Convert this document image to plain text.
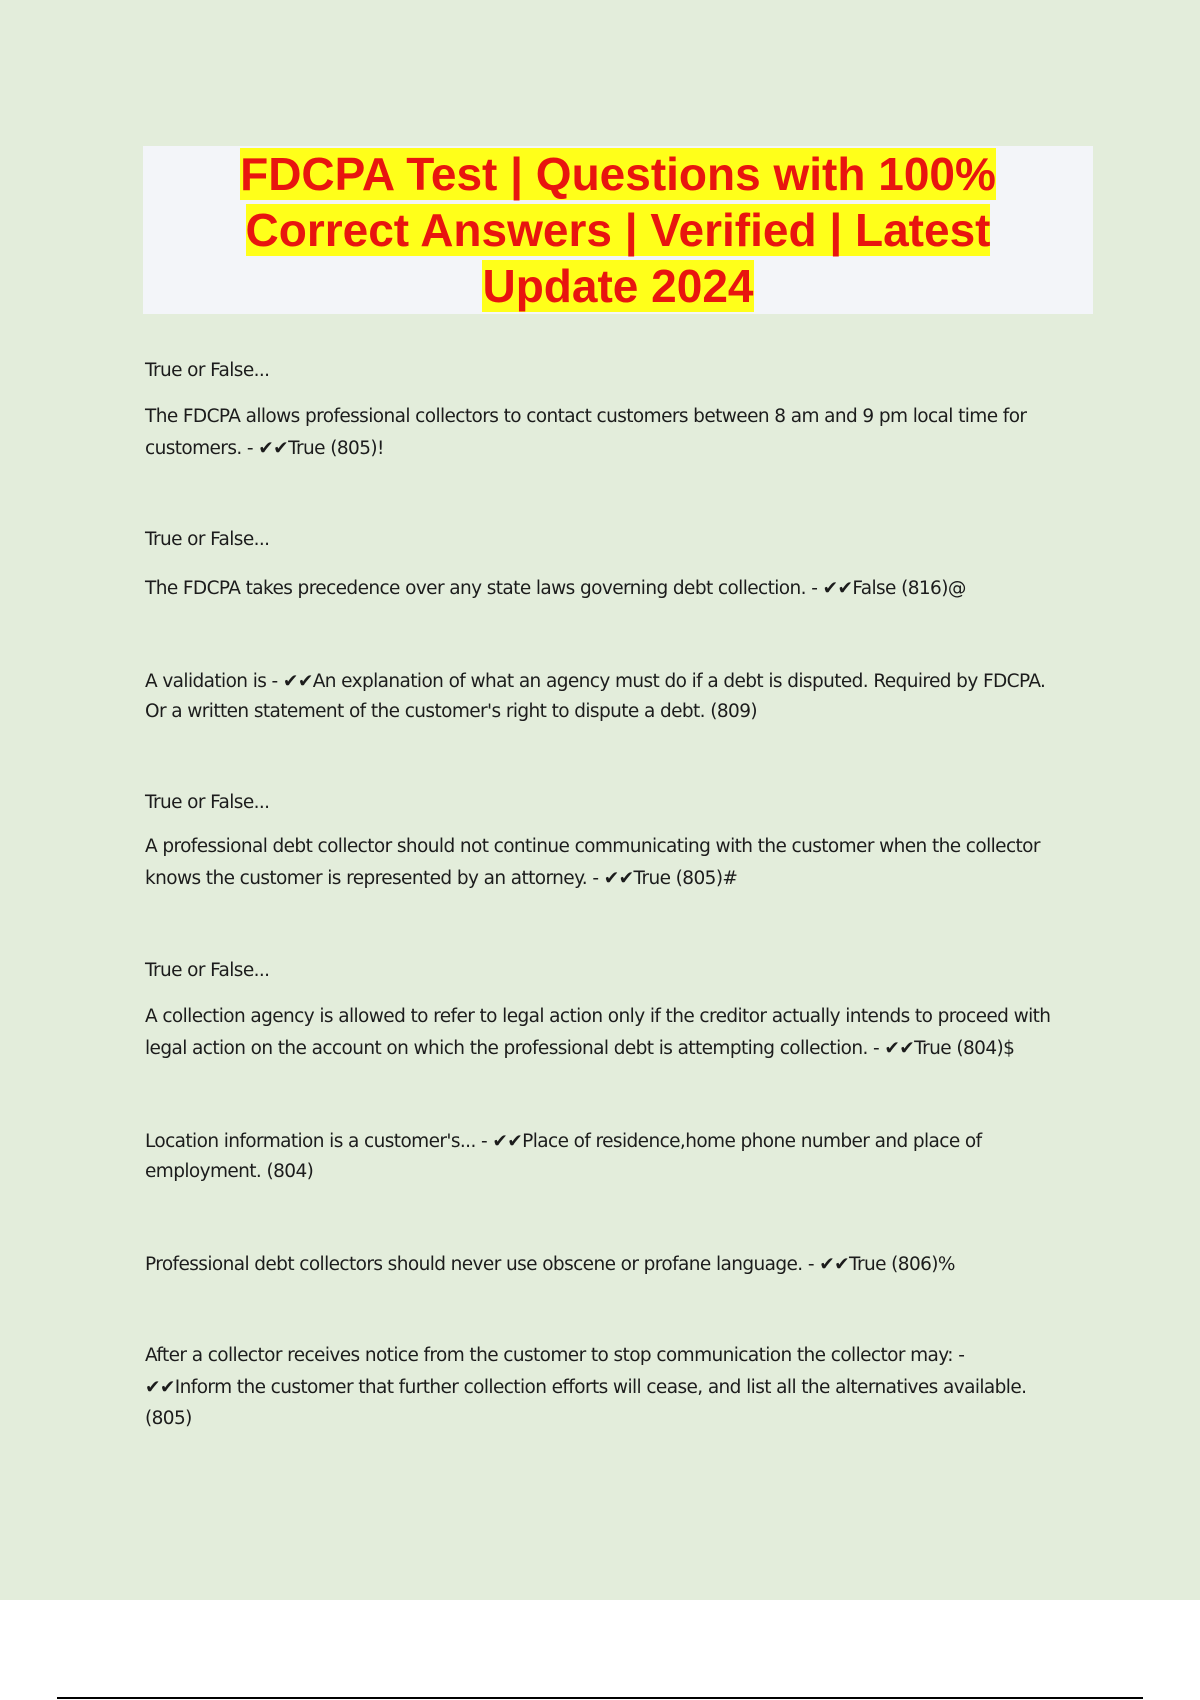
FDCPA Test | Questions with 100%
Correct Answers | Verified | Latest
Update 2024
True or False...
The FDCPA allows professional collectors to contact customers between 8 am and 9 pm local time for
customers. - ✔✔True (805)!
True or False...
The FDCPA takes precedence over any state laws governing debt collection. - ✔✔False (816)@
A validation is - ✔✔An explanation of what an agency must do if a debt is disputed. Required by FDCPA.
Or a written statement of the customer's right to dispute a debt. (809)
True or False...
A professional debt collector should not continue communicating with the customer when the collector
knows the customer is represented by an attorney. - ✔✔True (805)#
True or False...
A collection agency is allowed to refer to legal action only if the creditor actually intends to proceed with
legal action on the account on which the professional debt is attempting collection. - ✔✔True (804)$
Location information is a customer's... - ✔✔Place of residence,home phone number and place of
employment. (804)
Professional debt collectors should never use obscene or profane language. - ✔✔True (806)%
After a collector receives notice from the customer to stop communication the collector may: -
✔✔Inform the customer that further collection efforts will cease, and list all the alternatives available.
(805)
